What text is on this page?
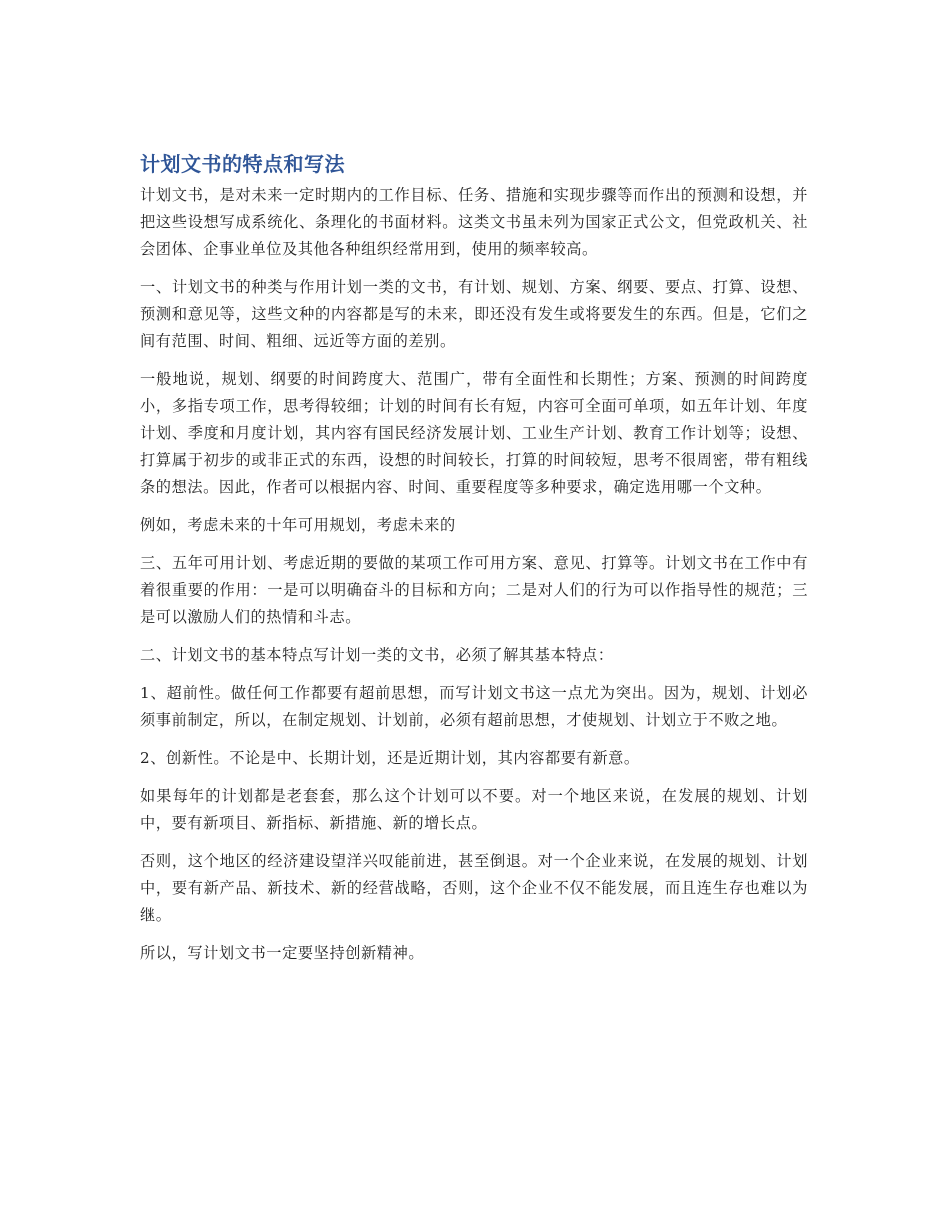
计划文书的特点和写法

计划文书，是对未来一定时期内的工作目标、任务、措施和实现步骤等而作出的预测和设想，并把这些设想写成系统化、条理化的书面材料。这类文书虽未列为国家正式公文，但党政机关、社会团体、企事业单位及其他各种组织经常用到，使用的频率较高。

一、计划文书的种类与作用计划一类的文书，有计划、规划、方案、纲要、要点、打算、设想、预测和意见等，这些文种的内容都是写的未来，即还没有发生或将要发生的东西。但是，它们之间有范围、时间、粗细、远近等方面的差别。

一般地说，规划、纲要的时间跨度大、范围广，带有全面性和长期性；方案、预测的时间跨度小，多指专项工作，思考得较细；计划的时间有长有短，内容可全面可单项，如五年计划、年度计划、季度和月度计划，其内容有国民经济发展计划、工业生产计划、教育工作计划等；设想、打算属于初步的或非正式的东西，设想的时间较长，打算的时间较短，思考不很周密，带有粗线条的想法。因此，作者可以根据内容、时间、重要程度等多种要求，确定选用哪一个文种。

例如，考虑未来的十年可用规划，考虑未来的

三、五年可用计划、考虑近期的要做的某项工作可用方案、意见、打算等。计划文书在工作中有着很重要的作用：一是可以明确奋斗的目标和方向；二是对人们的行为可以作指导性的规范；三是可以激励人们的热情和斗志。

二、计划文书的基本特点写计划一类的文书，必须了解其基本特点：

1、超前性。做任何工作都要有超前思想，而写计划文书这一点尤为突出。因为，规划、计划必须事前制定，所以，在制定规划、计划前，必须有超前思想，才使规划、计划立于不败之地。

2、创新性。不论是中、长期计划，还是近期计划，其内容都要有新意。

如果每年的计划都是老套套，那么这个计划可以不要。对一个地区来说，在发展的规划、计划中，要有新项目、新指标、新措施、新的增长点。

否则，这个地区的经济建设望洋兴叹能前进，甚至倒退。对一个企业来说，在发展的规划、计划中，要有新产品、新技术、新的经营战略，否则，这个企业不仅不能发展，而且连生存也难以为继。

所以，写计划文书一定要坚持创新精神。
